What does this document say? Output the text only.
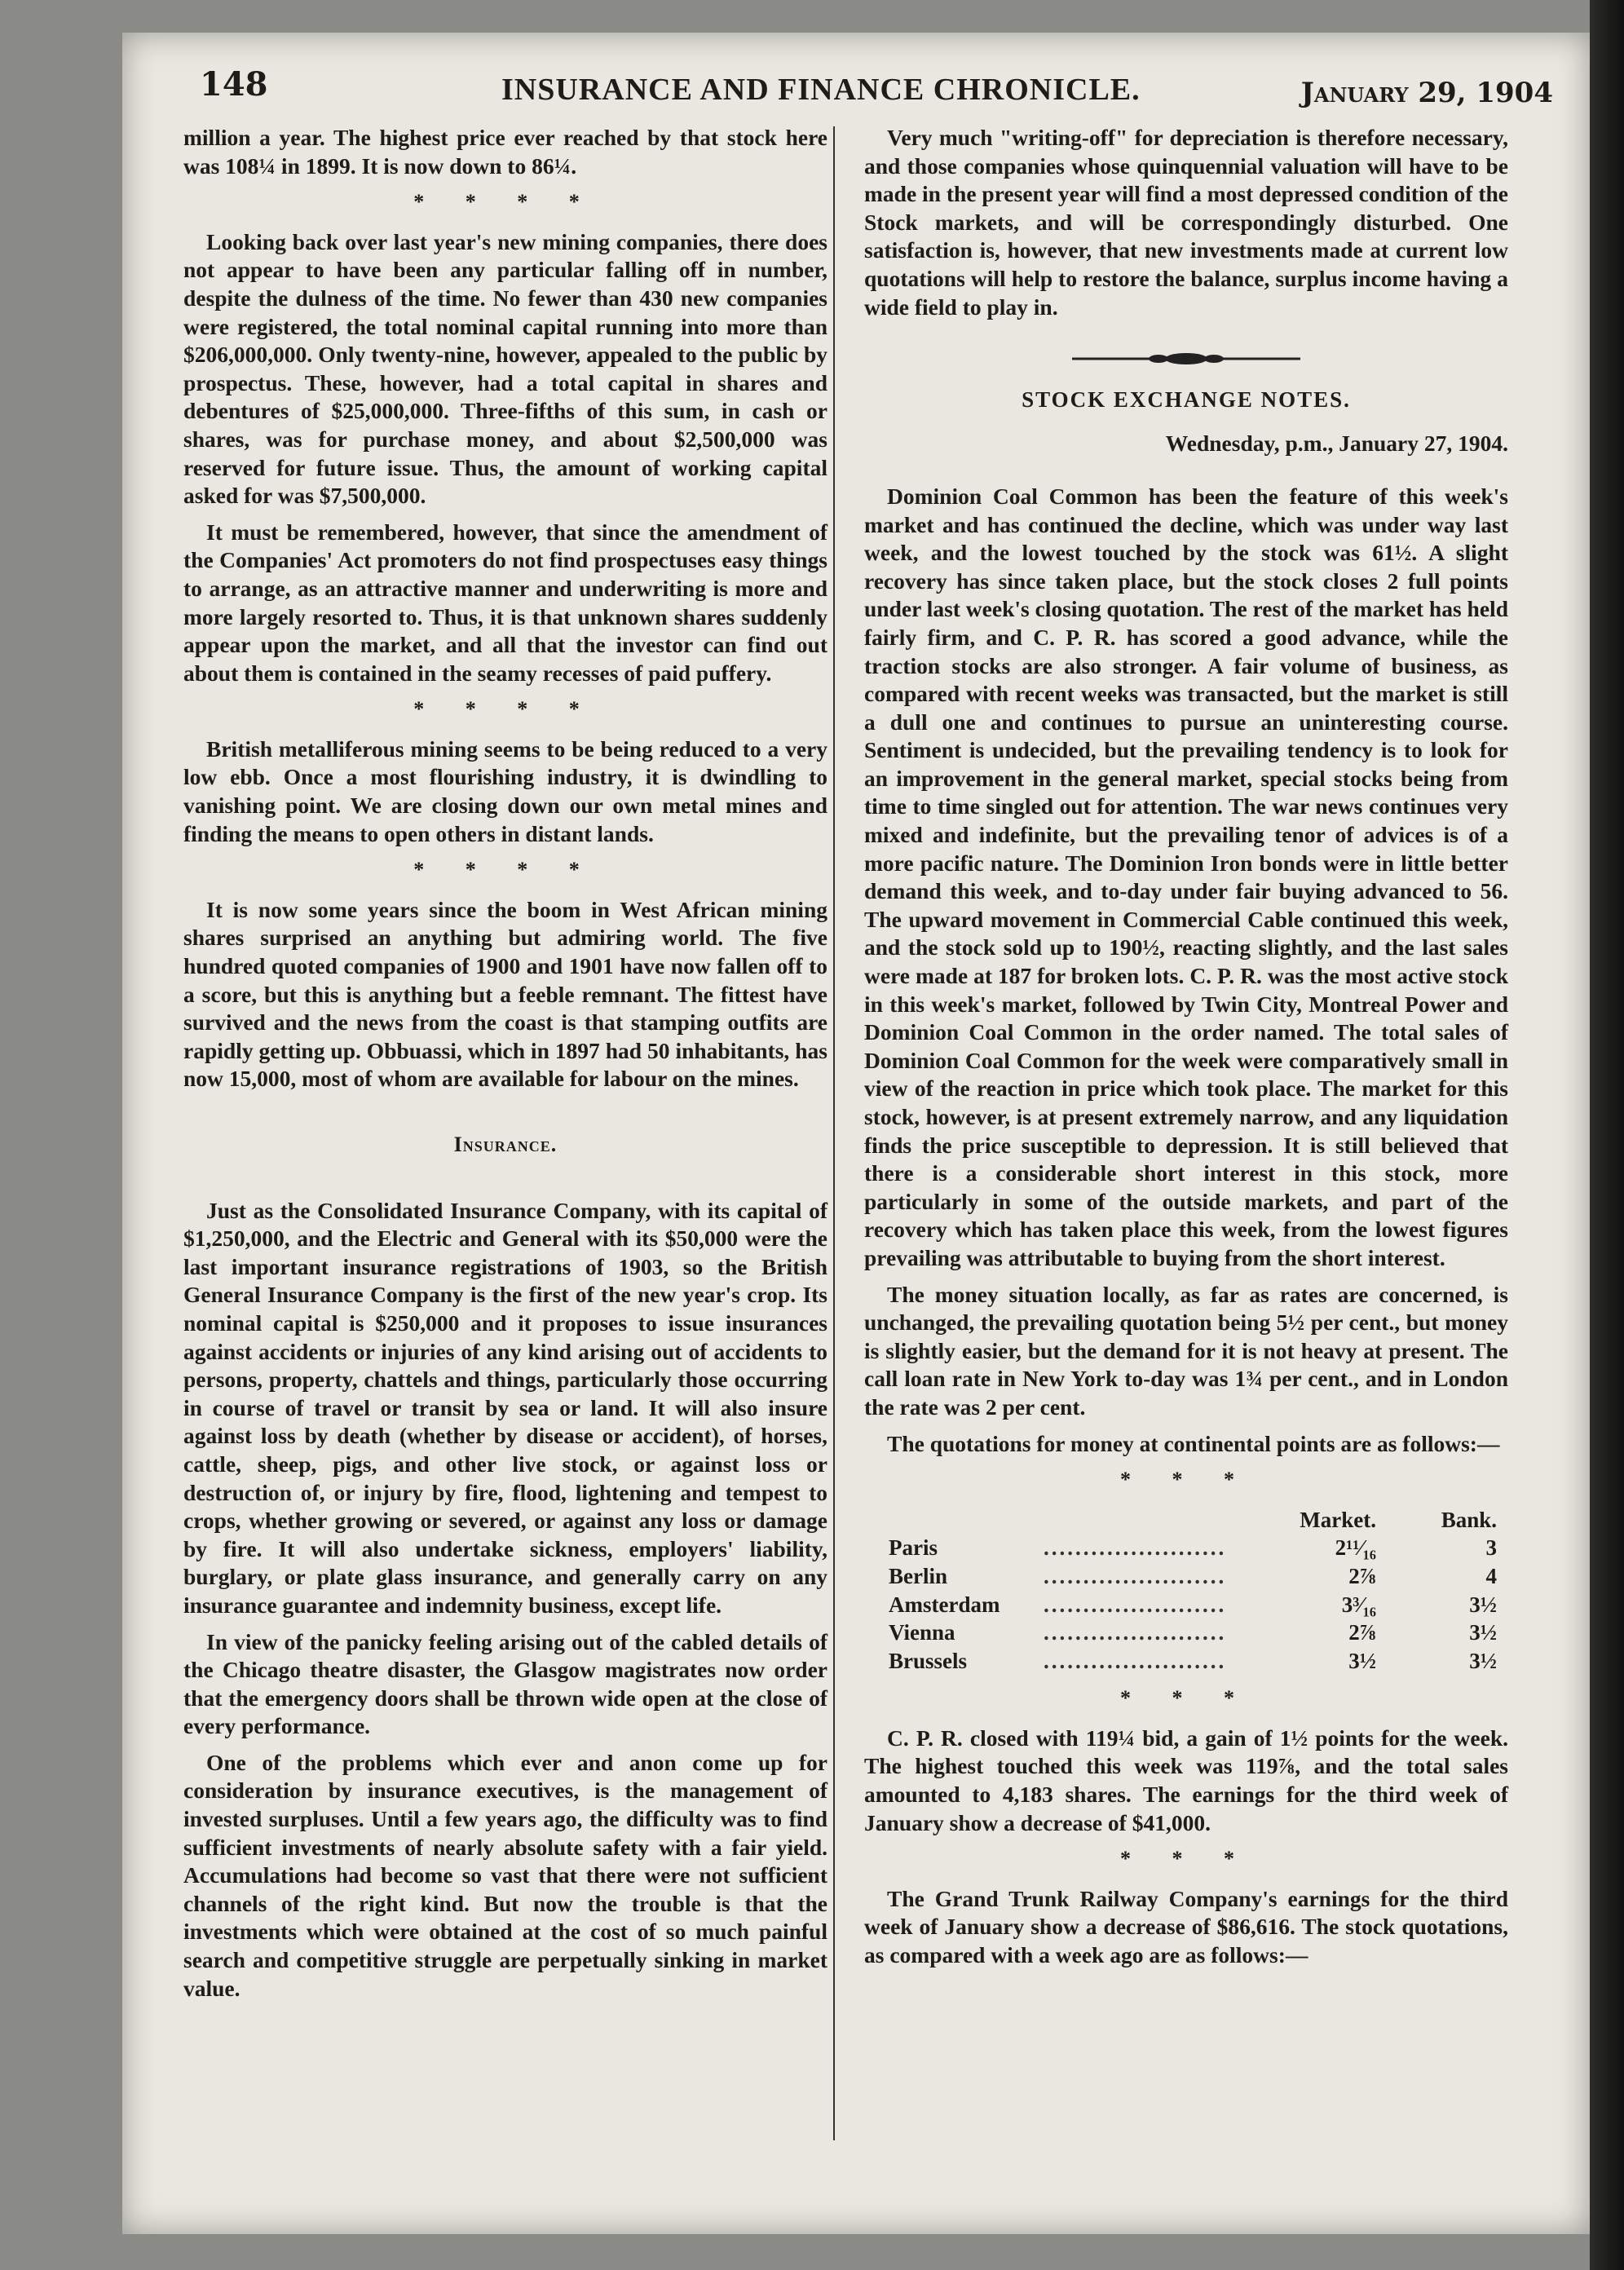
148	INSURANCE AND FINANCE CHRONICLE.	January 29, 1904

million a year. The highest price ever reached by that stock here was 108¼ in 1899. It is now down to 86¼.

* * * *

Looking back over last year's new mining companies, there does not appear to have been any particular falling off in number, despite the dulness of the time. No fewer than 430 new companies were registered, the total nominal capital running into more than $206,000,000. Only twenty-nine, however, appealed to the public by prospectus. These, however, had a total capital in shares and debentures of $25,000,000. Three-fifths of this sum, in cash or shares, was for purchase money, and about $2,500,000 was reserved for future issue. Thus, the amount of working capital asked for was $7,500,000.

It must be remembered, however, that since the amendment of the Companies' Act promoters do not find prospectuses easy things to arrange, as an attractive manner and underwriting is more and more largely resorted to. Thus, it is that unknown shares suddenly appear upon the market, and all that the investor can find out about them is contained in the seamy recesses of paid puffery.

* * * *

British metalliferous mining seems to be being reduced to a very low ebb. Once a most flourishing industry, it is dwindling to vanishing point. We are closing down our own metal mines and finding the means to open others in distant lands.

* * * *

It is now some years since the boom in West African mining shares surprised an anything but admiring world. The five hundred quoted companies of 1900 and 1901 have now fallen off to a score, but this is anything but a feeble remnant. The fittest have survived and the news from the coast is that stamping outfits are rapidly getting up. Obbuassi, which in 1897 had 50 inhabitants, has now 15,000, most of whom are available for labour on the mines.

Insurance.

Just as the Consolidated Insurance Company, with its capital of $1,250,000, and the Electric and General with its $50,000 were the last important insurance registrations of 1903, so the British General Insurance Company is the first of the new year's crop. Its nominal capital is $250,000 and it proposes to issue insurances against accidents or injuries of any kind arising out of accidents to persons, property, chattels and things, particularly those occurring in course of travel or transit by sea or land. It will also insure against loss by death (whether by disease or accident), of horses, cattle, sheep, pigs, and other live stock, or against loss or destruction of, or injury by fire, flood, lightening and tempest to crops, whether growing or severed, or against any loss or damage by fire. It will also undertake sickness, employers' liability, burglary, or plate glass insurance, and generally carry on any insurance guarantee and indemnity business, except life.

In view of the panicky feeling arising out of the cabled details of the Chicago theatre disaster, the Glasgow magistrates now order that the emergency doors shall be thrown wide open at the close of every performance.

One of the problems which ever and anon come up for consideration by insurance executives, is the management of invested surpluses. Until a few years ago, the difficulty was to find sufficient investments of nearly absolute safety with a fair yield. Accumulations had become so vast that there were not sufficient channels of the right kind. But now the trouble is that the investments which were obtained at the cost of so much painful search and competitive struggle are perpetually sinking in market value.

Very much "writing-off" for depreciation is therefore necessary, and those companies whose quinquennial valuation will have to be made in the present year will find a most depressed condition of the Stock markets, and will be correspondingly disturbed. One satisfaction is, however, that new investments made at current low quotations will help to restore the balance, surplus income having a wide field to play in.

STOCK EXCHANGE NOTES.
Wednesday, p.m., January 27, 1904.

Dominion Coal Common has been the feature of this week's market and has continued the decline, which was under way last week, and the lowest touched by the stock was 61½. A slight recovery has since taken place, but the stock closes 2 full points under last week's closing quotation. The rest of the market has held fairly firm, and C. P. R. has scored a good advance, while the traction stocks are also stronger. A fair volume of business, as compared with recent weeks was transacted, but the market is still a dull one and continues to pursue an uninteresting course. Sentiment is undecided, but the prevailing tendency is to look for an improvement in the general market, special stocks being from time to time singled out for attention. The war news continues very mixed and indefinite, but the prevailing tenor of advices is of a more pacific nature. The Dominion Iron bonds were in little better demand this week, and to-day under fair buying advanced to 56. The upward movement in Commercial Cable continued this week, and the stock sold up to 190½, reacting slightly, and the last sales were made at 187 for broken lots. C. P. R. was the most active stock in this week's market, followed by Twin City, Montreal Power and Dominion Coal Common in the order named. The total sales of Dominion Coal Common for the week were comparatively small in view of the reaction in price which took place. The market for this stock, however, is at present extremely narrow, and any liquidation finds the price susceptible to depression. It is still believed that there is a considerable short interest in this stock, more particularly in some of the outside markets, and part of the recovery which has taken place this week, from the lowest figures prevailing was attributable to buying from the short interest.

The money situation locally, as far as rates are concerned, is unchanged, the prevailing quotation being 5½ per cent., but money is slightly easier, but the demand for it is not heavy at present. The call loan rate in New York to-day was 1¾ per cent., and in London the rate was 2 per cent.

The quotations for money at continental points are as follows:—

* * *
		Market.	Bank.
Paris	.......................	2¹¹⁄₁₆	3
Berlin	.......................	2⅞	4
Amsterdam	.......................	3³⁄₁₆	3½
Vienna	.......................	2⅞	3½
Brussels	.......................	3½	3½
* * *

C. P. R. closed with 119¼ bid, a gain of 1½ points for the week. The highest touched this week was 119⅞, and the total sales amounted to 4,183 shares. The earnings for the third week of January show a decrease of $41,000.

* * *

The Grand Trunk Railway Company's earnings for the third week of January show a decrease of $86,616. The stock quotations, as compared with a week ago are as follows:—
